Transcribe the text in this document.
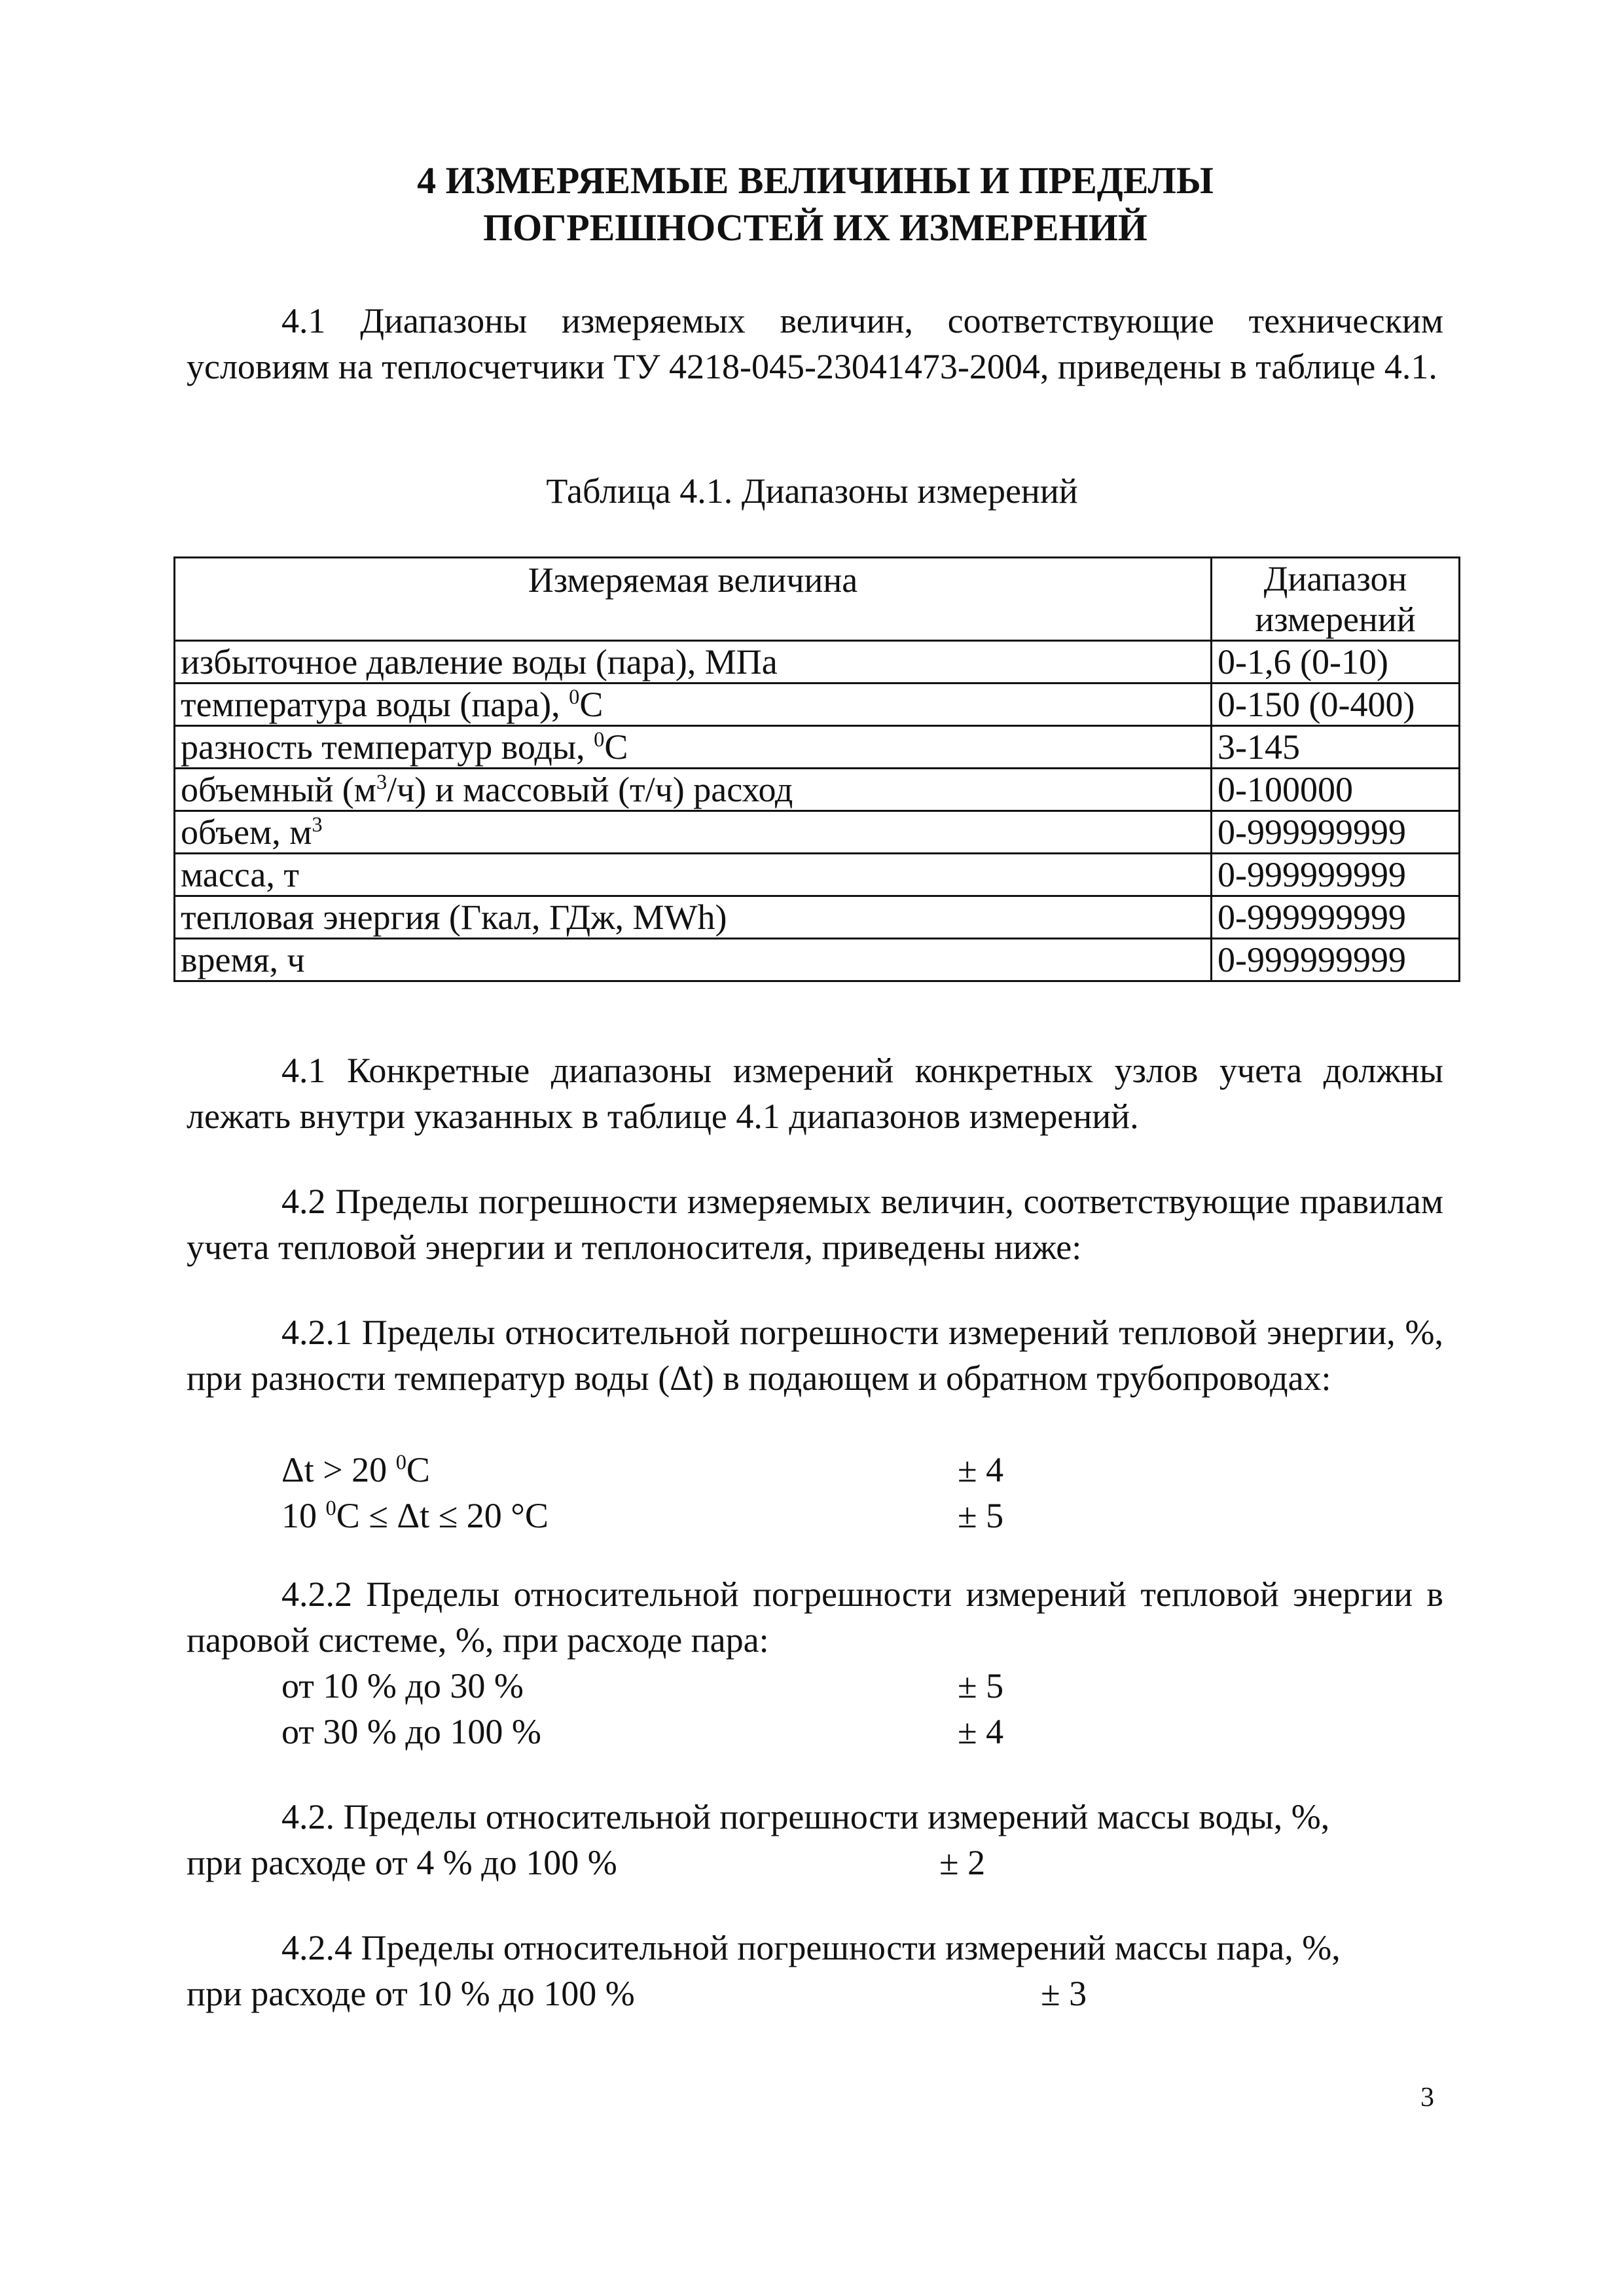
4 ИЗМЕРЯЕМЫЕ ВЕЛИЧИНЫ И ПРЕДЕЛЫ
ПОГРЕШНОСТЕЙ ИХ ИЗМЕРЕНИЙ
4.1 Диапазоны измеряемых величин, соответствующие техническим условиям на теплосчетчики ТУ 4218-045-23041473-2004, приведены в таблице 4.1.
Таблица 4.1. Диапазоны измерений
Измеряемая величина	Диапазон измерений
избыточное давление воды (пара), МПа	0-1,6 (0-10)
температура воды (пара), $^0$С	0-150 (0-400)
разность температур воды, $^0$С	3-145
объемный $(м^3/ч)$ и массовый (т/ч) расход	0-100000
объем, $м^3$	0-999999999
масса, т	0-999999999
тепловая энергия (Гкал, ГДж, MWh)	0-999999999
время, ч	0-999999999
4.1 Конкретные диапазоны измерений конкретных узлов учета должны лежать внутри указанных в таблице 4.1 диапазонов измерений.
4.2 Пределы погрешности измеряемых величин, соответствующие правилам учета тепловой энергии и теплоносителя, приведены ниже:
4.2.1 Пределы относительной погрешности измерений тепловой энергии, %, при разности температур воды (Δt) в подающем и обратном трубопроводах:
Δt > 20 $^0$С	± 4
10 $^0$С ≤ Δt ≤ 20 °С	± 5
4.2.2 Пределы относительной погрешности измерений тепловой энергии в паровой системе, %, при расходе пара:
от 10 % до 30 %	± 5
от 30 % до 100 %	± 4
4.2. Пределы относительной погрешности измерений массы воды, %,
при расходе от 4 % до 100 %	± 2
4.2.4 Пределы относительной погрешности измерений массы пара, %,
при расходе от 10 % до 100 %	± 3
3
